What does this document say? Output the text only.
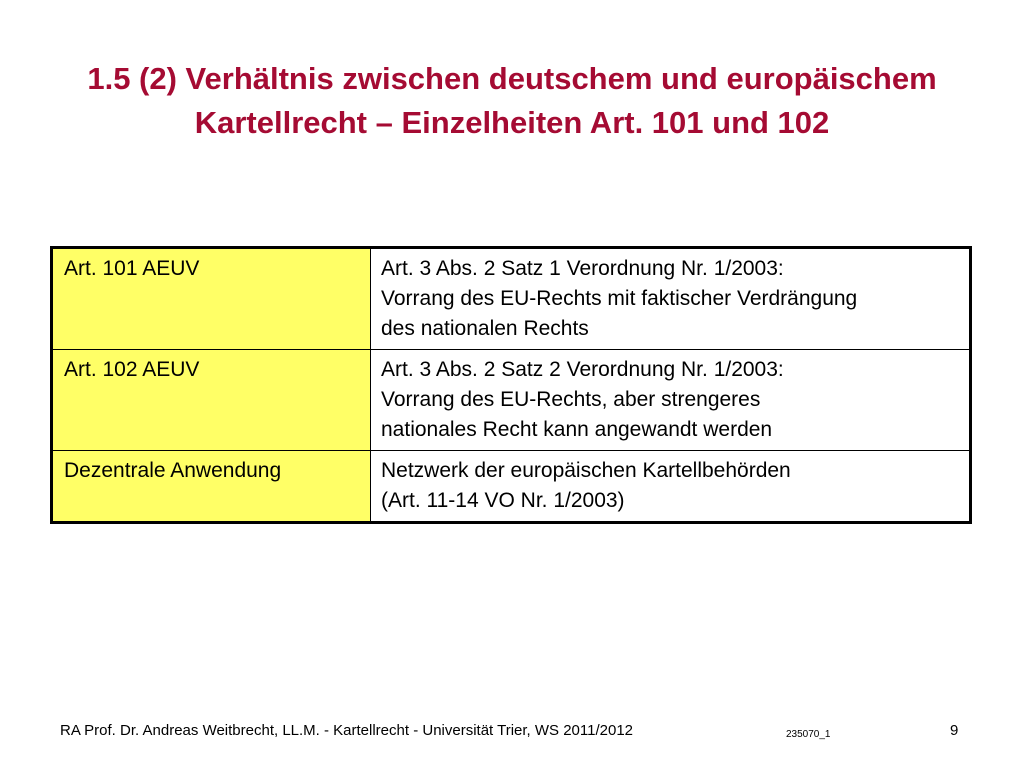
1.5 (2) Verhältnis zwischen deutschem und europäischem
Kartellrecht – Einzelheiten Art. 101 und 102
Art. 101 AEUV	Art. 3 Abs. 2 Satz 1 Verordnung Nr. 1/2003:
Vorrang des EU-Rechts mit faktischer Verdrängung
des nationalen Rechts

Art. 102 AEUV	Art. 3 Abs. 2 Satz 2 Verordnung Nr. 1/2003:
Vorrang des EU-Rechts, aber strengeres
nationales Recht kann angewandt werden

Dezentrale Anwendung	Netzwerk der europäischen Kartellbehörden
(Art. 11-14 VO Nr. 1/2003)
RA Prof. Dr. Andreas Weitbrecht, LL.M. - Kartellrecht - Universität Trier, WS 2011/2012	235070_1	9
